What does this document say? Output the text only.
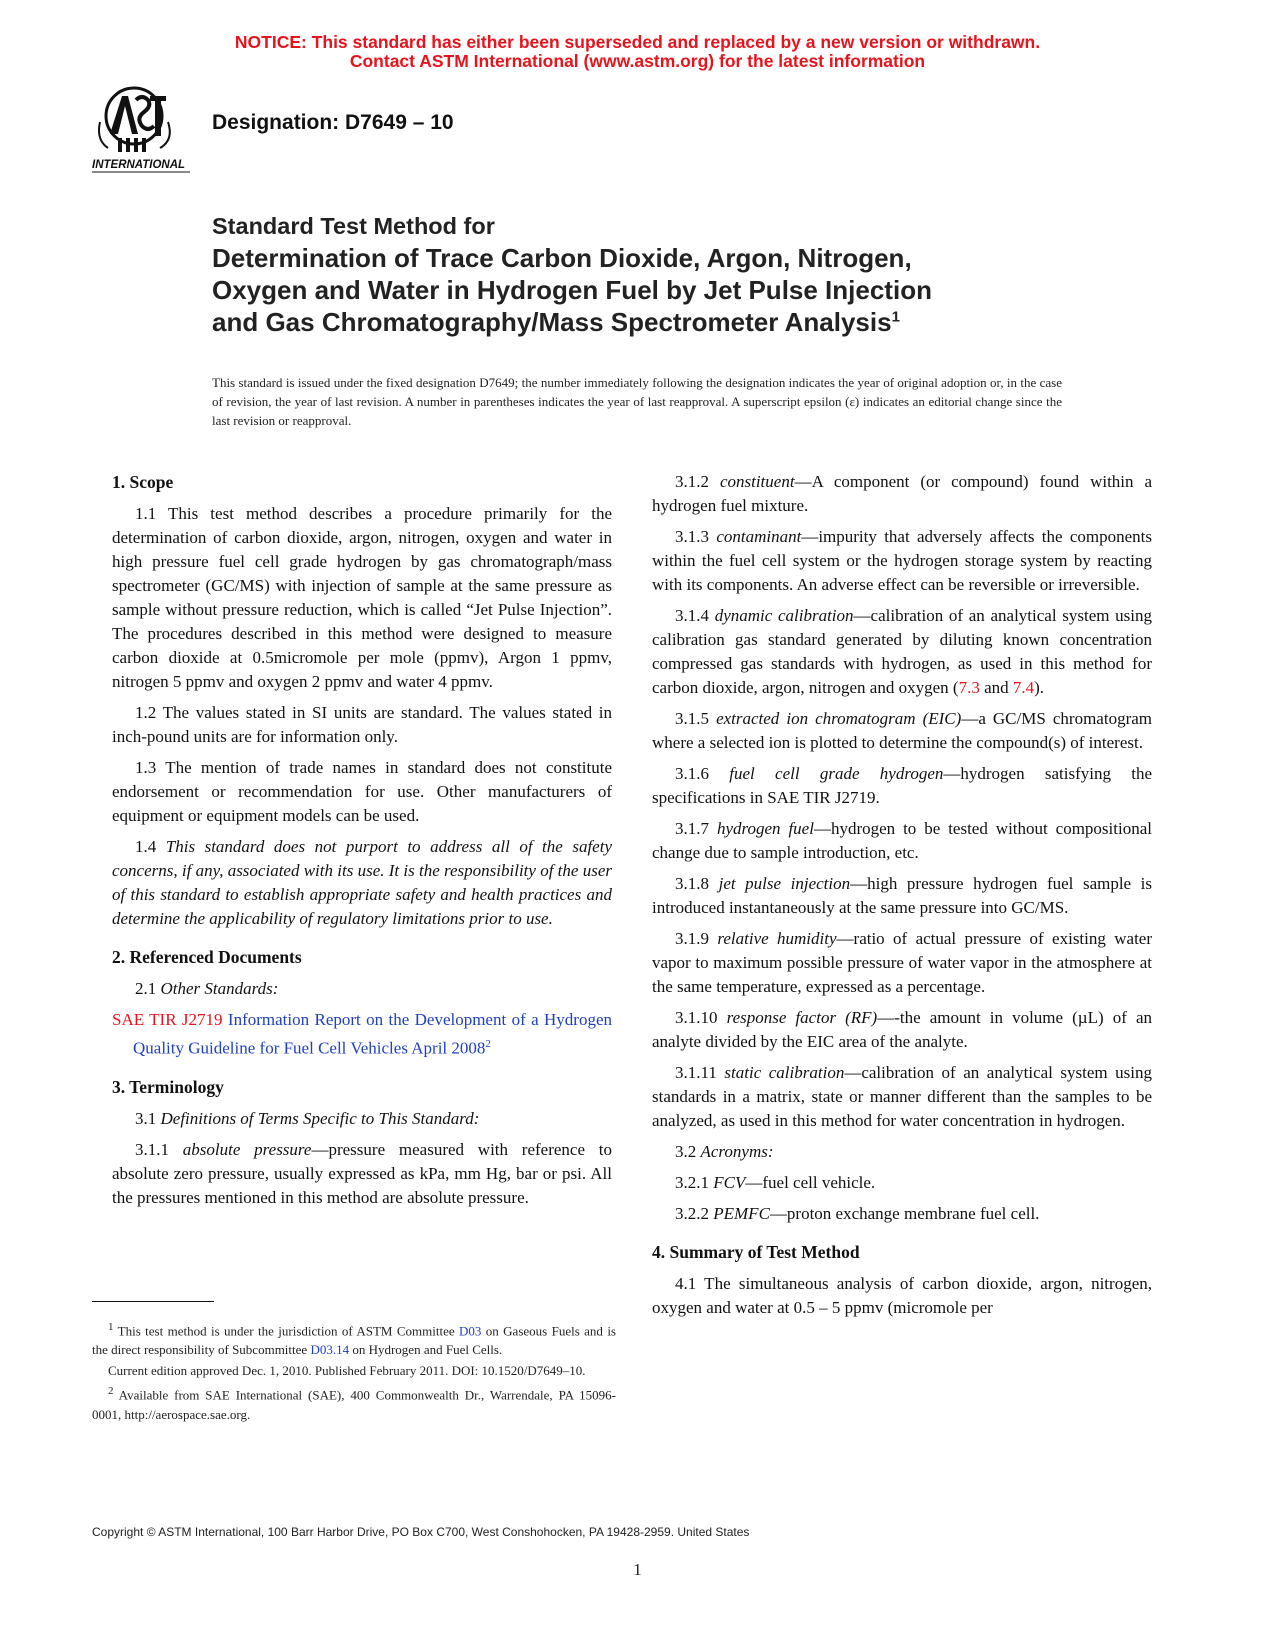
NOTICE: This standard has either been superseded and replaced by a new version or withdrawn.
Contact ASTM International (www.astm.org) for the latest information
INTERNATIONAL
Designation: D7649 – 10
Standard Test Method for
Determination of Trace Carbon Dioxide, Argon, Nitrogen,
Oxygen and Water in Hydrogen Fuel by Jet Pulse Injection
and Gas Chromatography/Mass Spectrometer Analysis$^1$
This standard is issued under the fixed designation D7649; the number immediately following the designation indicates the year of original adoption or, in the case of revision, the year of last revision. A number in parentheses indicates the year of last reapproval. A superscript epsilon (ε) indicates an editorial change since the last revision or reapproval.
1. Scope

1.1 This test method describes a procedure primarily for the determination of carbon dioxide, argon, nitrogen, oxygen and water in high pressure fuel cell grade hydrogen by gas chromatograph/mass spectrometer (GC/MS) with injection of sample at the same pressure as sample without pressure reduction, which is called “Jet Pulse Injection”. The procedures described in this method were designed to measure carbon dioxide at 0.5micromole per mole (ppmv), Argon 1 ppmv, nitrogen 5 ppmv and oxygen 2 ppmv and water 4 ppmv.

1.2 The values stated in SI units are standard. The values stated in inch-pound units are for information only.

1.3 The mention of trade names in standard does not constitute endorsement or recommendation for use. Other manufacturers of equipment or equipment models can be used.

1.4 This standard does not purport to address all of the safety concerns, if any, associated with its use. It is the responsibility of the user of this standard to establish appropriate safety and health practices and determine the applicability of regulatory limitations prior to use.

2. Referenced Documents

2.1 Other Standards:

SAE TIR J2719 Information Report on the Development of a Hydrogen Quality Guideline for Fuel Cell Vehicles April 2008$^2$
3. Terminology

3.1 Definitions of Terms Specific to This Standard:

3.1.1 absolute pressure—pressure measured with reference to absolute zero pressure, usually expressed as kPa, mm Hg, bar or psi. All the pressures mentioned in this method are absolute pressure.

$^1$ This test method is under the jurisdiction of ASTM Committee D03 on Gaseous Fuels and is the direct responsibility of Subcommittee D03.14 on Hydrogen and Fuel Cells.

Current edition approved Dec. 1, 2010. Published February 2011. DOI: 10.1520/D7649–10.

$^2$ Available from SAE International (SAE), 400 Commonwealth Dr., Warrendale, PA 15096-0001, http://aerospace.sae.org.

3.1.2 constituent—A component (or compound) found within a hydrogen fuel mixture.

3.1.3 contaminant—impurity that adversely affects the components within the fuel cell system or the hydrogen storage system by reacting with its components. An adverse effect can be reversible or irreversible.

3.1.4 dynamic calibration—calibration of an analytical system using calibration gas standard generated by diluting known concentration compressed gas standards with hydrogen, as used in this method for carbon dioxide, argon, nitrogen and oxygen (7.3 and 7.4).

3.1.5 extracted ion chromatogram (EIC)—a GC/MS chromatogram where a selected ion is plotted to determine the compound(s) of interest.

3.1.6 fuel cell grade hydrogen—hydrogen satisfying the specifications in SAE TIR J2719.

3.1.7 hydrogen fuel—hydrogen to be tested without compositional change due to sample introduction, etc.

3.1.8 jet pulse injection—high pressure hydrogen fuel sample is introduced instantaneously at the same pressure into GC/MS.

3.1.9 relative humidity—ratio of actual pressure of existing water vapor to maximum possible pressure of water vapor in the atmosphere at the same temperature, expressed as a percentage.

3.1.10 response factor (RF)—-the amount in volume (µL) of an analyte divided by the EIC area of the analyte.

3.1.11 static calibration—calibration of an analytical system using standards in a matrix, state or manner different than the samples to be analyzed, as used in this method for water concentration in hydrogen.

3.2 Acronyms:

3.2.1 FCV—fuel cell vehicle.

3.2.2 PEMFC—proton exchange membrane fuel cell.

4. Summary of Test Method

4.1 The simultaneous analysis of carbon dioxide, argon, nitrogen, oxygen and water at 0.5 – 5 ppmv (micromole per

Copyright © ASTM International, 100 Barr Harbor Drive, PO Box C700, West Conshohocken, PA 19428-2959. United States
1
